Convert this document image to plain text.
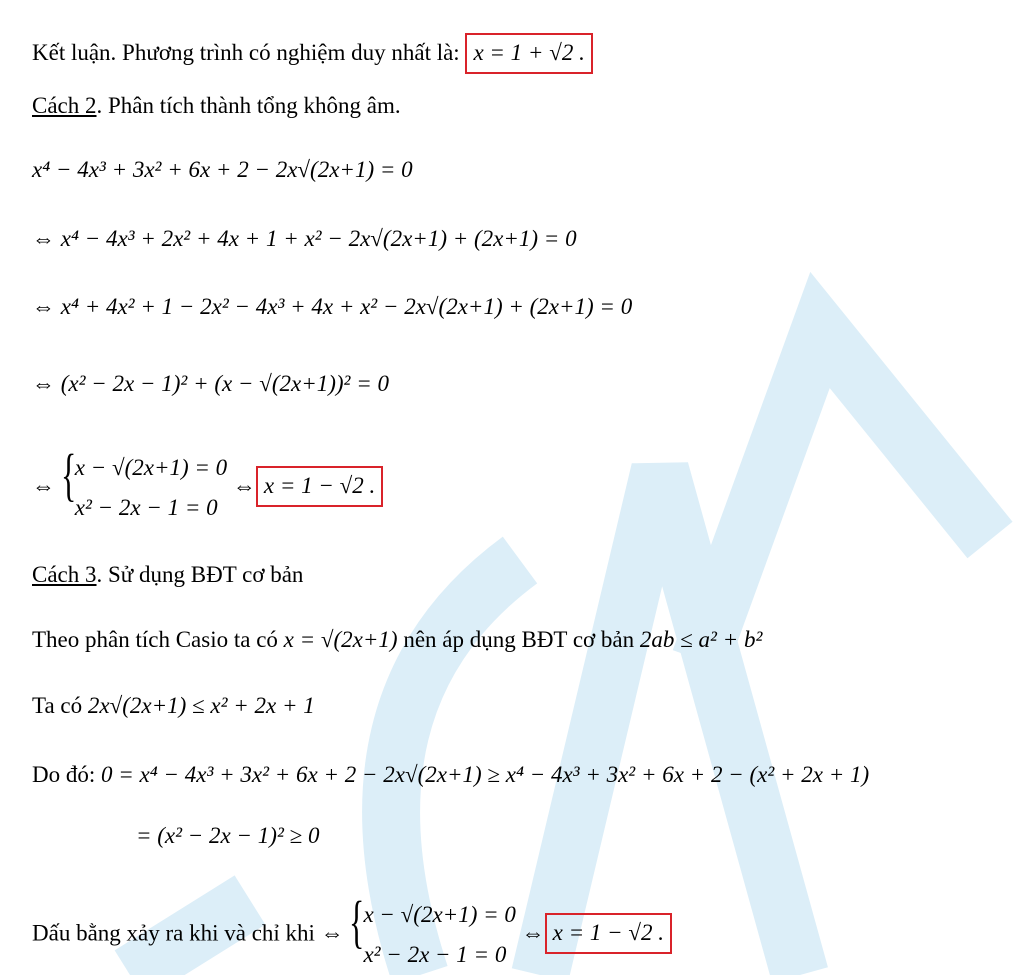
Kết luận. Phương trình có nghiệm duy nhất là: x = 1 + √2 .
Cách 2. Phân tích thành tổng không âm.
x⁴ − 4x³ + 3x² + 6x + 2 − 2x√(2x+1) = 0
⇔ x⁴ − 4x³ + 2x² + 4x + 1 + x² − 2x√(2x+1) + (2x+1) = 0
⇔ x⁴ + 4x² + 1 − 2x² − 4x³ + 4x + x² − 2x√(2x+1) + (2x+1) = 0
⇔ (x² − 2x − 1)² + (x − √(2x+1))² = 0
⇔ {
x − √(2x+1) = 0
x² − 2x − 1 = 0
⇔ x = 1 − √2 .
Cách 3. Sử dụng BĐT cơ bản
Theo phân tích Casio ta có x = √(2x+1) nên áp dụng BĐT cơ bản 2ab ≤ a² + b²
Ta có 2x√(2x+1) ≤ x² + 2x + 1
Do đó: 0 = x⁴ − 4x³ + 3x² + 6x + 2 − 2x√(2x+1) ≥ x⁴ − 4x³ + 3x² + 6x + 2 − (x² + 2x + 1)
= (x² − 2x − 1)² ≥ 0
Dấu bằng xảy ra khi và chỉ khi ⇔ {
x − √(2x+1) = 0
x² − 2x − 1 = 0
⇔ x = 1 − √2 .
